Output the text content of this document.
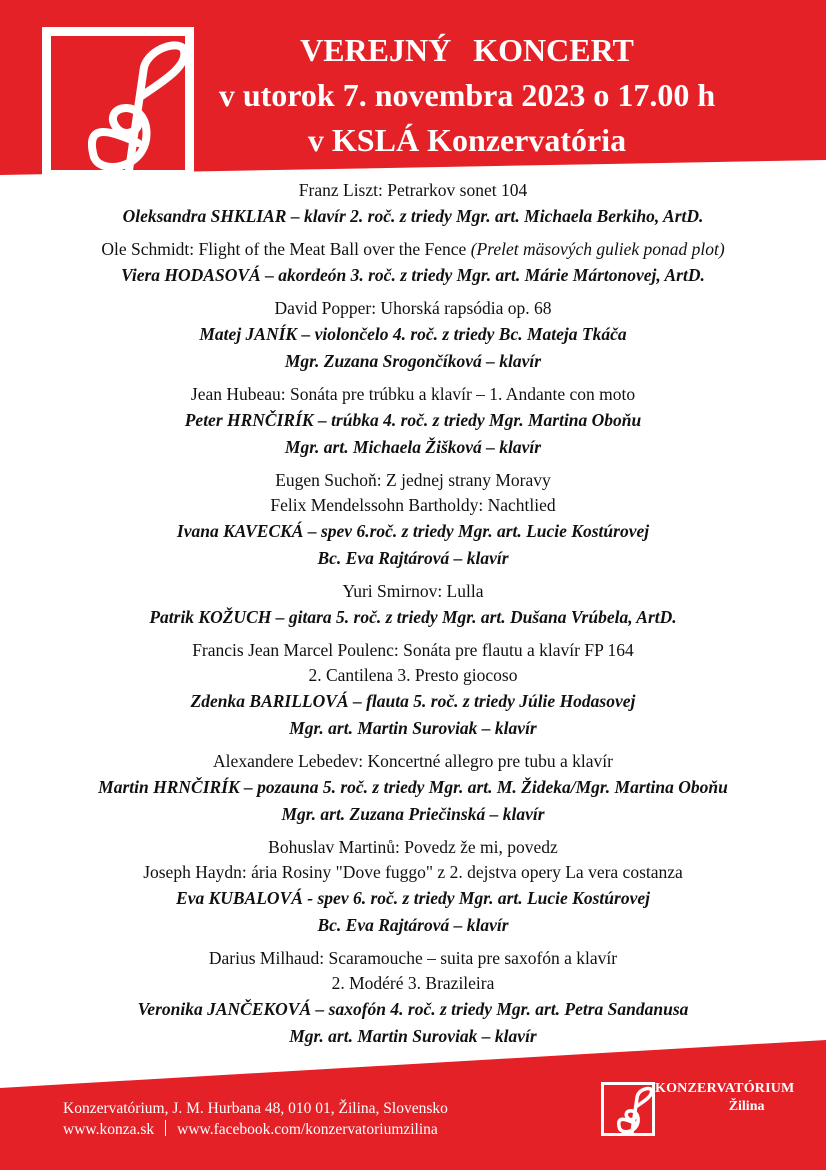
VEREJNÝ KONCERT
v utorok 7. novembra 2023 o 17.00 h
v KSLÁ Konzervatória
Franz Liszt: Petrarkov sonet 104
Oleksandra SHKLIAR – klavír 2. roč. z triedy Mgr. art. Michaela Berkiho, ArtD.
Ole Schmidt: Flight of the Meat Ball over the Fence (Prelet mäsových guliek ponad plot)
Viera HODASOVÁ – akordeón 3. roč. z triedy Mgr. art. Márie Mártonovej, ArtD.
David Popper: Uhorská rapsódia op. 68
Matej JANÍK – violončelo 4. roč. z triedy Bc. Mateja Tkáča
Mgr. Zuzana Srogončíková – klavír
Jean Hubeau: Sonáta pre trúbku a klavír – 1. Andante con moto
Peter HRNČIRÍK – trúbka 4. roč. z triedy Mgr. Martina Oboňu
Mgr. art. Michaela Žišková – klavír
Eugen Suchoň: Z jednej strany Moravy
Felix Mendelssohn Bartholdy: Nachtlied
Ivana KAVECKÁ – spev 6.roč. z triedy Mgr. art. Lucie Kostúrovej
Bc. Eva Rajtárová – klavír
Yuri Smirnov: Lulla
Patrik KOŽUCH – gitara 5. roč. z triedy Mgr. art. Dušana Vrúbela, ArtD.
Francis Jean Marcel Poulenc: Sonáta pre flautu a klavír FP 164
2. Cantilena 3. Presto giocoso
Zdenka BARILLOVÁ – flauta 5. roč. z triedy Júlie Hodasovej
Mgr. art. Martin Suroviak – klavír
Alexandere Lebedev: Koncertné allegro pre tubu a klavír
Martin HRNČIRÍK – pozauna 5. roč. z triedy Mgr. art. M. Žideka/Mgr. Martina Oboňu
Mgr. art. Zuzana Priečinská – klavír
Bohuslav Martinů: Povedz že mi, povedz
Joseph Haydn: ária Rosiny "Dove fuggo" z 2. dejstva opery La vera costanza
Eva KUBALOVÁ - spev 6. roč. z triedy Mgr. art. Lucie Kostúrovej
Bc. Eva Rajtárová – klavír
Darius Milhaud: Scaramouche – suita pre saxofón a klavír
2. Modéré 3. Brazileira
Veronika JANČEKOVÁ – saxofón 4. roč. z triedy Mgr. art. Petra Sandanusa
Mgr. art. Martin Suroviak – klavír
Konzervatórium, J. M. Hurbana 48, 010 01, Žilina, Slovensko
www.konza.sk www.facebook.com/konzervatoriumzilina
KONZERVATÓRIUM
Žilina
